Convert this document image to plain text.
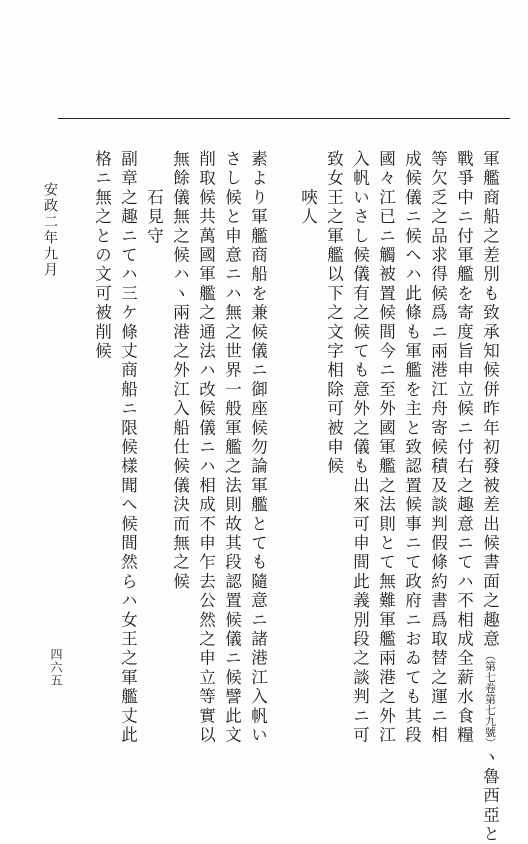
軍艦商船之差別も致承知候併昨年初發被差出候書面之趣意（第七卷第七九號）ヽ魯西亞と
戰爭中ニ付軍艦を寄度旨申立候ニ付右之趣意ニてハ不相成全薪水食糧
等欠乏之品求得候爲ニ兩港江舟寄候積及談判假條約書爲取替之運ニ相
成候儀ニ候へハ此條も軍艦を主と致認置候事ニて政府ニおゐても其段
國々江已ニ觸被置候間今ニ至外國軍艦之法則とて無難軍艦兩港之外江
入帆いさし候儀有之候ても意外之儀も出來可申間此義別段之談判ニ可
致女王之軍艦以下之文字相除可被申候
　　唊人
素より軍艦商船を兼候儀ニ御座候勿論軍艦とても隨意ニ諸港江入帆い
さし候と申意ニハ無之世界一般軍艦之法則故其段認置候儀ニ候譬此文
削取候共萬國軍艦之通法ハ改候儀ニハ相成不申乍去公然之申立等實以
無餘儀無之候ハヽ兩港之外江入船仕候儀決而無之候
　　石見守
副章之趣ニてハ三ケ條丈商船ニ限候樣聞へ候間然らハ女王之軍艦丈此
格ニ無之との文可被削候
　　安政二年九月
四六五
